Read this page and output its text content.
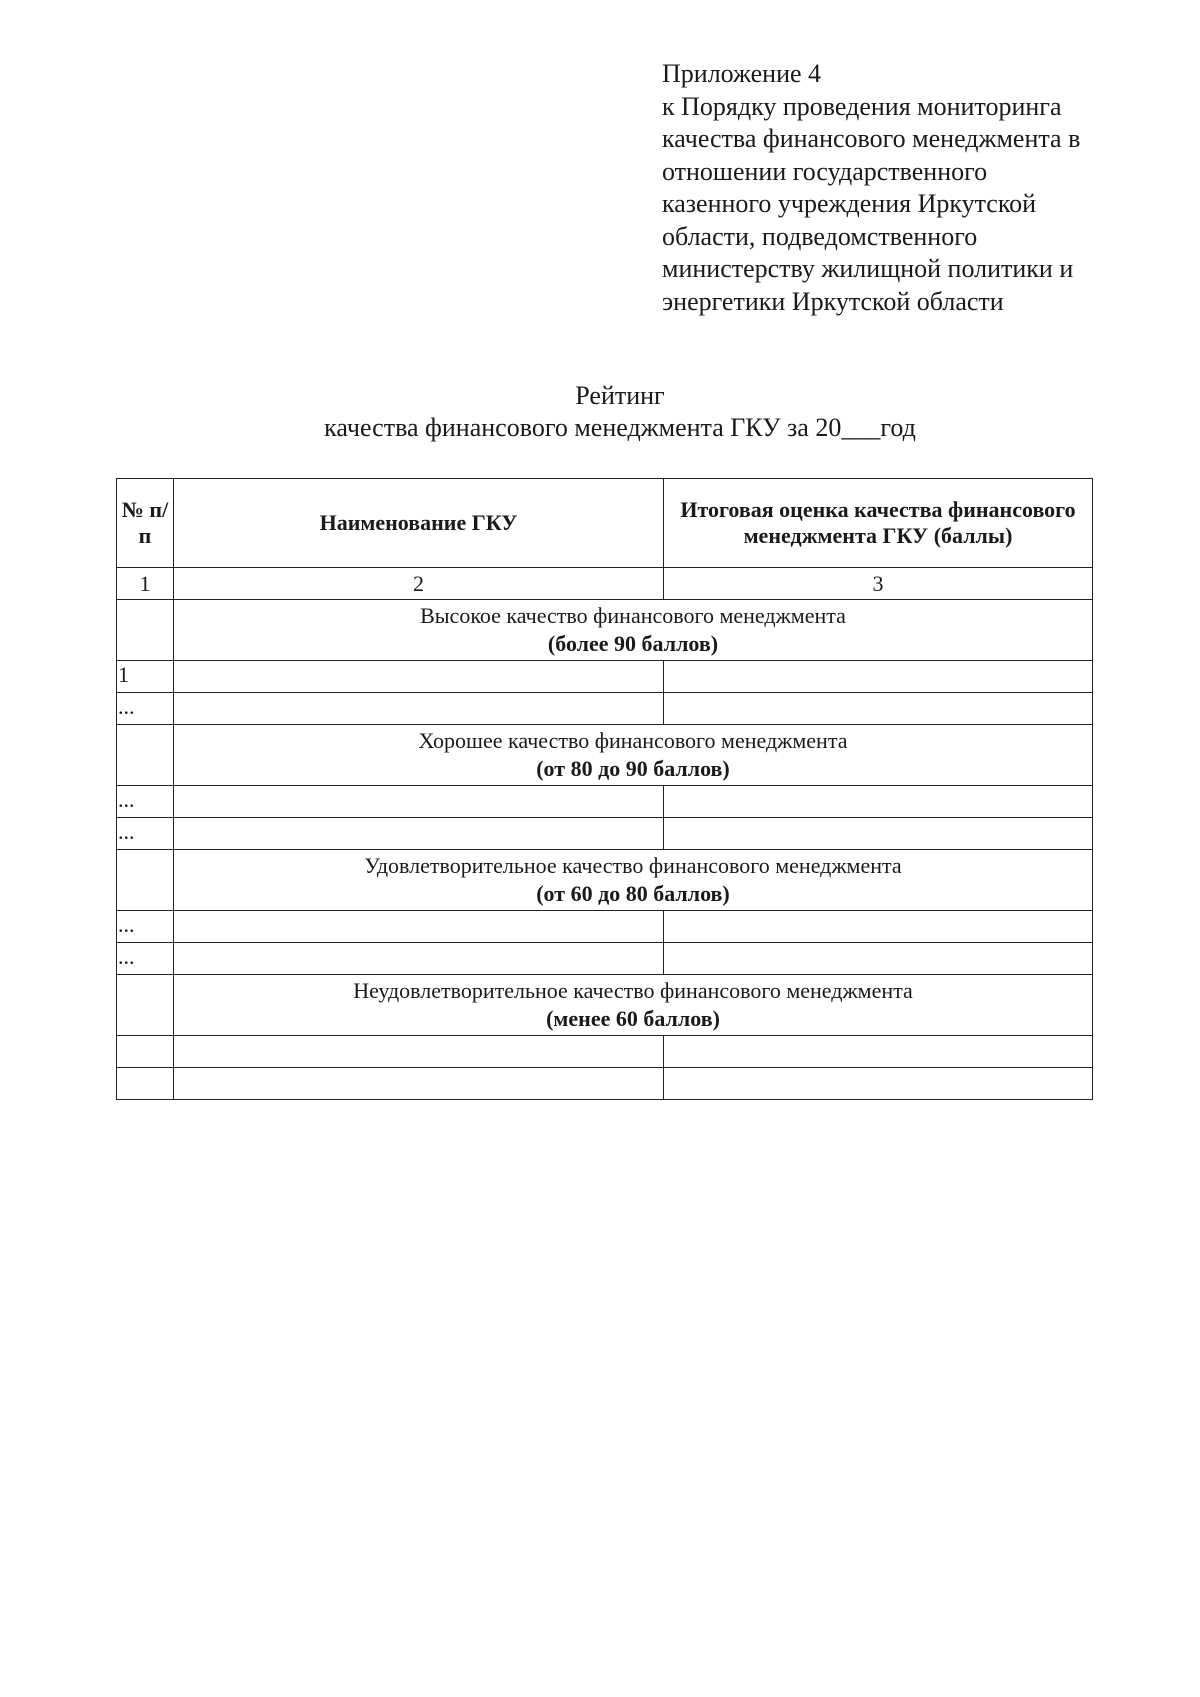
Приложение 4
к Порядку проведения мониторинга
качества финансового менеджмента в
отношении государственного
казенного учреждения Иркутской
области, подведомственного
министерству жилищной политики и
энергетики Иркутской области
Рейтинг
качества финансового менеджмента ГКУ за 20___год
№ п/п	Наименование ГКУ	Итоговая оценка качества финансового менеджмента ГКУ (баллы)
1	2	3

	Высокое качество финансового менеджмента
(более 90 баллов)	

1		
...		

	Хорошее качество финансового менеджмента
(от 80 до 90 баллов)	

...		
...		

	Удовлетворительное качество финансового менеджмента
(от 60 до 80 баллов)	

...		
...		

	Неудовлетворительное качество финансового менеджмента
(менее 60 баллов)	
